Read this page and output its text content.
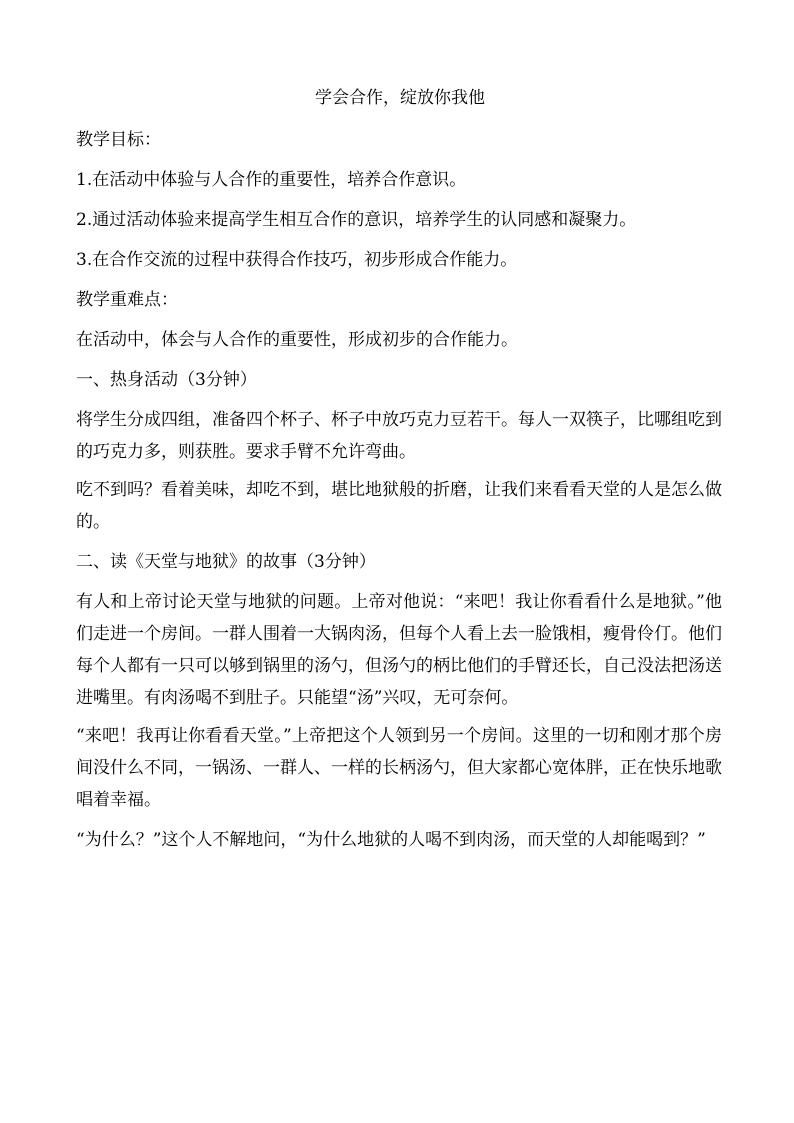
学会合作，绽放你我他

教学目标：

1.在活动中体验与人合作的重要性，培养合作意识。

2.通过活动体验来提高学生相互合作的意识，培养学生的认同感和凝聚力。

3.在合作交流的过程中获得合作技巧，初步形成合作能力。

教学重难点：

在活动中，体会与人合作的重要性，形成初步的合作能力。

一、热身活动（3分钟）

将学生分成四组，准备四个杯子、杯子中放巧克力豆若干。每人一双筷子，比哪组吃到的巧克力多，则获胜。要求手臂不允许弯曲。

吃不到吗？看着美味，却吃不到，堪比地狱般的折磨，让我们来看看天堂的人是怎么做的。

二、读《天堂与地狱》的故事（3分钟）

有人和上帝讨论天堂与地狱的问题。上帝对他说：“来吧！我让你看看什么是地狱。”他们走进一个房间。一群人围着一大锅肉汤，但每个人看上去一脸饿相，瘦骨伶仃。他们每个人都有一只可以够到锅里的汤勺，但汤勺的柄比他们的手臂还长，自己没法把汤送进嘴里。有肉汤喝不到肚子。只能望“汤”兴叹，无可奈何。

“来吧！我再让你看看天堂。”上帝把这个人领到另一个房间。这里的一切和刚才那个房间没什么不同，一锅汤、一群人、一样的长柄汤勺，但大家都心宽体胖，正在快乐地歌唱着幸福。

“为什么？”这个人不解地问，“为什么地狱的人喝不到肉汤，而天堂的人却能喝到？”
